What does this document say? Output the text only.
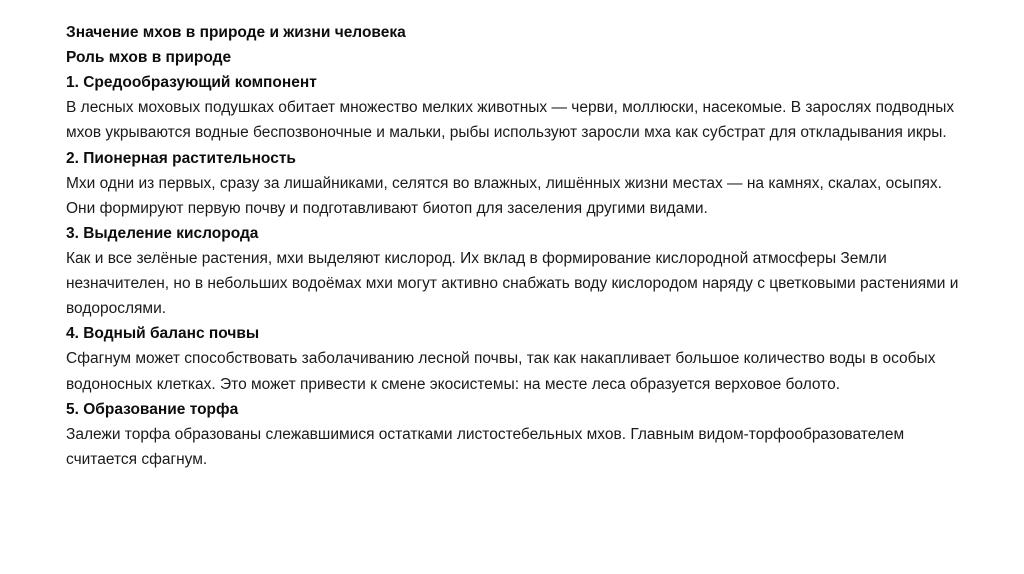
Значение мхов в природе и жизни человека
Роль мхов в природе
1. Средообразующий компонент
В лесных моховых подушках обитает множество мелких животных — черви, моллюски, насекомые. В зарослях подводных мхов укрываются водные беспозвоночные и мальки, рыбы используют заросли мха как субстрат для откладывания икры.
2. Пионерная растительность
Мхи одни из первых, сразу за лишайниками, селятся во влажных, лишённых жизни местах — на камнях, скалах, осыпях. Они формируют первую почву и подготавливают биотоп для заселения другими видами.
3. Выделение кислорода
Как и все зелёные растения, мхи выделяют кислород. Их вклад в формирование кислородной атмосферы Земли незначителен, но в небольших водоёмах мхи могут активно снабжать воду кислородом наряду с цветковыми растениями и водорослями.
4. Водный баланс почвы
Сфагнум может способствовать заболачиванию лесной почвы, так как накапливает большое количество воды в особых водоносных клетках. Это может привести к смене экосистемы: на месте леса образуется верховое болото.
5. Образование торфа
Залежи торфа образованы слежавшимися остатками листостебельных мхов. Главным видом-торфообразователем считается сфагнум.
